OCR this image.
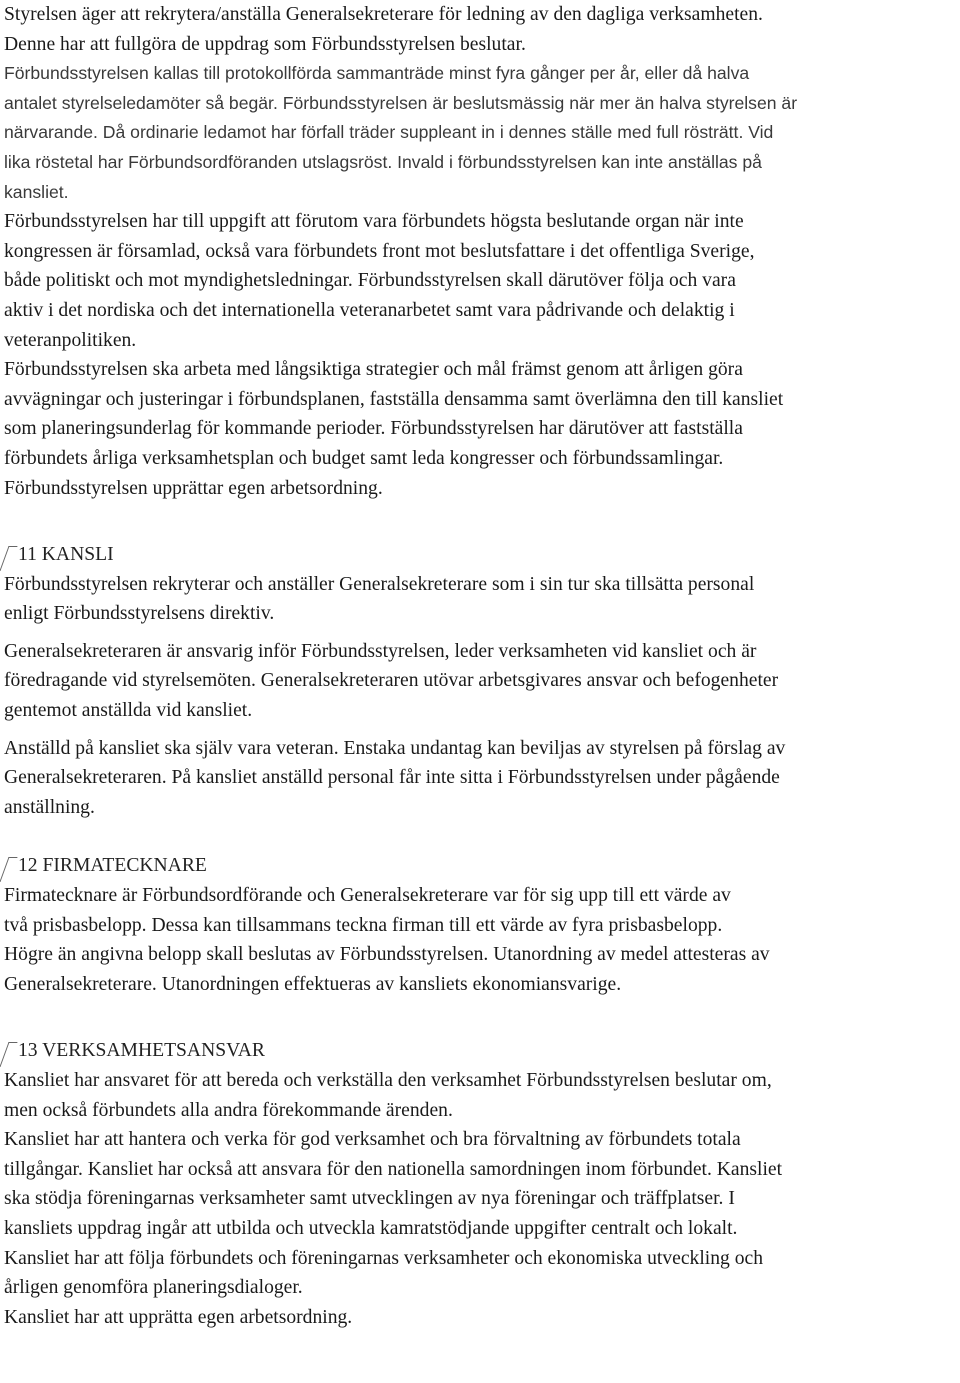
Styrelsen äger att rekrytera/anställa Generalsekreterare för ledning av den dagliga verksamheten.

Denne har att fullgöra de uppdrag som Förbundsstyrelsen beslutar.

Förbundsstyrelsen kallas till protokollförda sammanträde minst fyra gånger per år, eller då halva

antalet styrelseledamöter så begär. Förbundsstyrelsen är beslutsmässig när mer än halva styrelsen är

närvarande. Då ordinarie ledamot har förfall träder suppleant in i dennes ställe med full rösträtt. Vid

lika röstetal har Förbundsordföranden utslagsröst. Invald i förbundsstyrelsen kan inte anställas på

kansliet.

Förbundsstyrelsen har till uppgift att förutom vara förbundets högsta beslutande organ när inte

kongressen är församlad, också vara förbundets front mot beslutsfattare i det offentliga Sverige,

både politiskt och mot myndighetsledningar. Förbundsstyrelsen skall därutöver följa och vara

aktiv i det nordiska och det internationella veteranarbetet samt vara pådrivande och delaktig i

veteranpolitiken.

Förbundsstyrelsen ska arbeta med långsiktiga strategier och mål främst genom att årligen göra

avvägningar och justeringar i förbundsplanen, fastställa densamma samt överlämna den till kansliet

som planeringsunderlag för kommande perioder. Förbundsstyrelsen har därutöver att fastställa

förbundets årliga verksamhetsplan och budget samt leda kongresser och förbundssamlingar.

Förbundsstyrelsen upprättar egen arbetsordning.

11 KANSLI

Förbundsstyrelsen rekryterar och anställer Generalsekreterare som i sin tur ska tillsätta personal

enligt Förbundsstyrelsens direktiv.

Generalsekreteraren är ansvarig inför Förbundsstyrelsen, leder verksamheten vid kansliet och är

föredragande vid styrelsemöten. Generalsekreteraren utövar arbetsgivares ansvar och befogenheter

gentemot anställda vid kansliet.

Anställd på kansliet ska själv vara veteran. Enstaka undantag kan beviljas av styrelsen på förslag av

Generalsekreteraren. På kansliet anställd personal får inte sitta i Förbundsstyrelsen under pågående

anställning.

12 FIRMATECKNARE

Firmatecknare är Förbundsordförande och Generalsekreterare var för sig upp till ett värde av

två prisbasbelopp. Dessa kan tillsammans teckna firman till ett värde av fyra prisbasbelopp.

Högre än angivna belopp skall beslutas av Förbundsstyrelsen. Utanordning av medel attesteras av

Generalsekreterare. Utanordningen effektueras av kansliets ekonomiansvarige.

13 VERKSAMHETSANSVAR

Kansliet har ansvaret för att bereda och verkställa den verksamhet Förbundsstyrelsen beslutar om,

men också förbundets alla andra förekommande ärenden.

Kansliet har att hantera och verka för god verksamhet och bra förvaltning av förbundets totala

tillgångar. Kansliet har också att ansvara för den nationella samordningen inom förbundet. Kansliet

ska stödja föreningarnas verksamheter samt utvecklingen av nya föreningar och träffplatser. I

kansliets uppdrag ingår att utbilda och utveckla kamratstödjande uppgifter centralt och lokalt.

Kansliet har att följa förbundets och föreningarnas verksamheter och ekonomiska utveckling och

årligen genomföra planeringsdialoger.

Kansliet har att upprätta egen arbetsordning.
